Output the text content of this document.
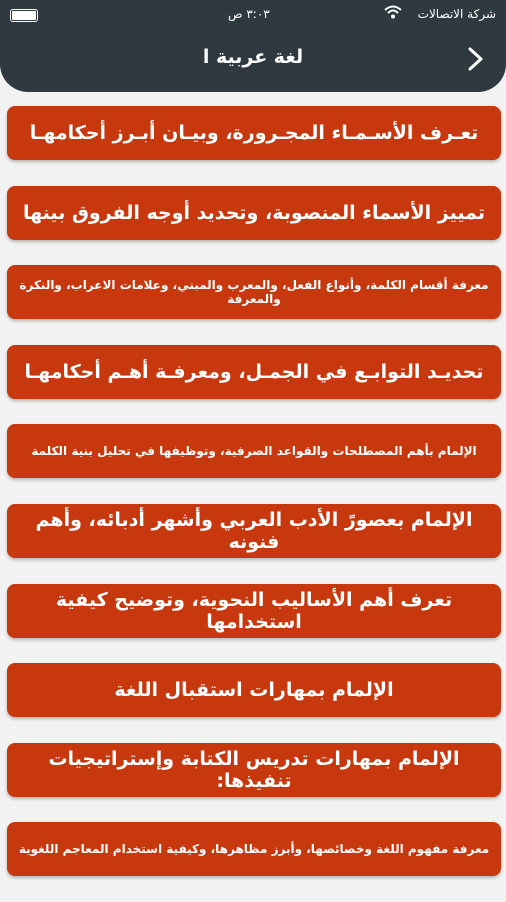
شركة الاتصالات
٣:٠٣ ص
لغة عربية ا
تعـرف الأسـمـاء المجـرورة، وبيـان أبـرز أحكامهـا
تمييز الأسماء المنصوبة، وتحديد أوجه الفروق بينها
معرفة أقسام الكلمة، وأنواع الفعل، والمعرب والمبني، وعلامات الاعراب، والنكرة والمعرفة
تحديـد التوابـع في الجمـل، ومعرفـة أهـم أحكامهـا
الإلمام بأهم المصطلحات والقواعد الصرفية، وتوظيفها في تحليل بنية الكلمة
الإلمام بعصورً الأدب العربي وأشهر أدبائه، وأهم فنونه
تعرف أهم الأساليب النحوية، وتوضيح كيفية استخدامها
الإلمام بمهارات استقبال اللغة
الإلمام بمهارات تدريس الكتابة وإستراتيجيات تنفيذها:
معرفة مفهوم اللغة وخصائصها، وأبرز مظاهرها، وكيفية استخدام المعاجم اللغوية
